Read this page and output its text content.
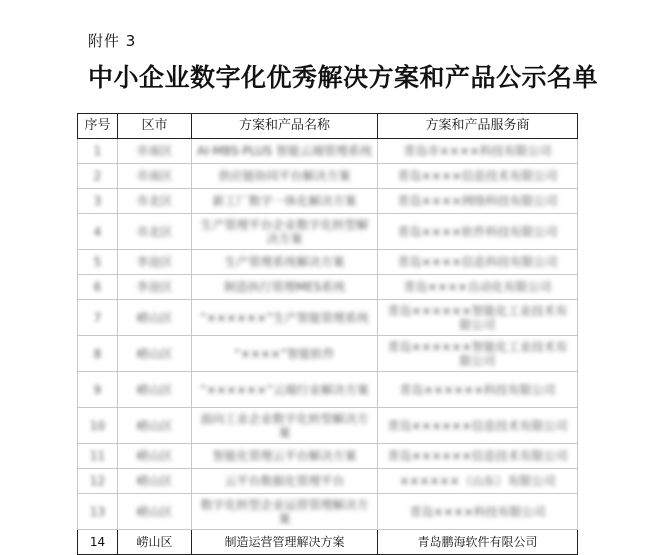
附件 3
中小企业数字化优秀解决方案和产品公示名单
序号	区市	方案和产品名称	方案和产品服务商
1	市南区	AI·MBS·PLUS 智能云端管理系统	青岛市××××科技有限公司
2	市南区	供应链协同平台解决方案	青岛××××信息技术有限公司
3	市北区	新工厂数字一体化解决方案	青岛××××网络科技有限公司
4	市北区	生产管理平台企业数字化转型解决方案	青岛××××软件科技有限公司
5	李沧区	生产管理系统解决方案	青岛××××信息科技有限公司
6	李沧区	制造执行管理MES系统	青岛××××自动化有限公司
7	崂山区	“××××××”生产智能管理系统	青岛××××××智能化工业技术有限公司
8	崂山区	“××××”智能软件	青岛××××××智能化工业技术有限公司
9	崂山区	“××××××”云端行业解决方案	青岛××××××科技有限公司
10	崂山区	面向工业企业数字化转型解决方案	青岛××××××信息技术有限公司
11	崂山区	智能化管理云平台解决方案	青岛××××××信息技术有限公司
12	崂山区	云平台数据化管理平台	××××××（山东）有限公司
13	崂山区	数字化转型企业运营管理解决方案	青岛××××科技有限公司
14	崂山区	制造运营管理解决方案	青岛鹏海软件有限公司
